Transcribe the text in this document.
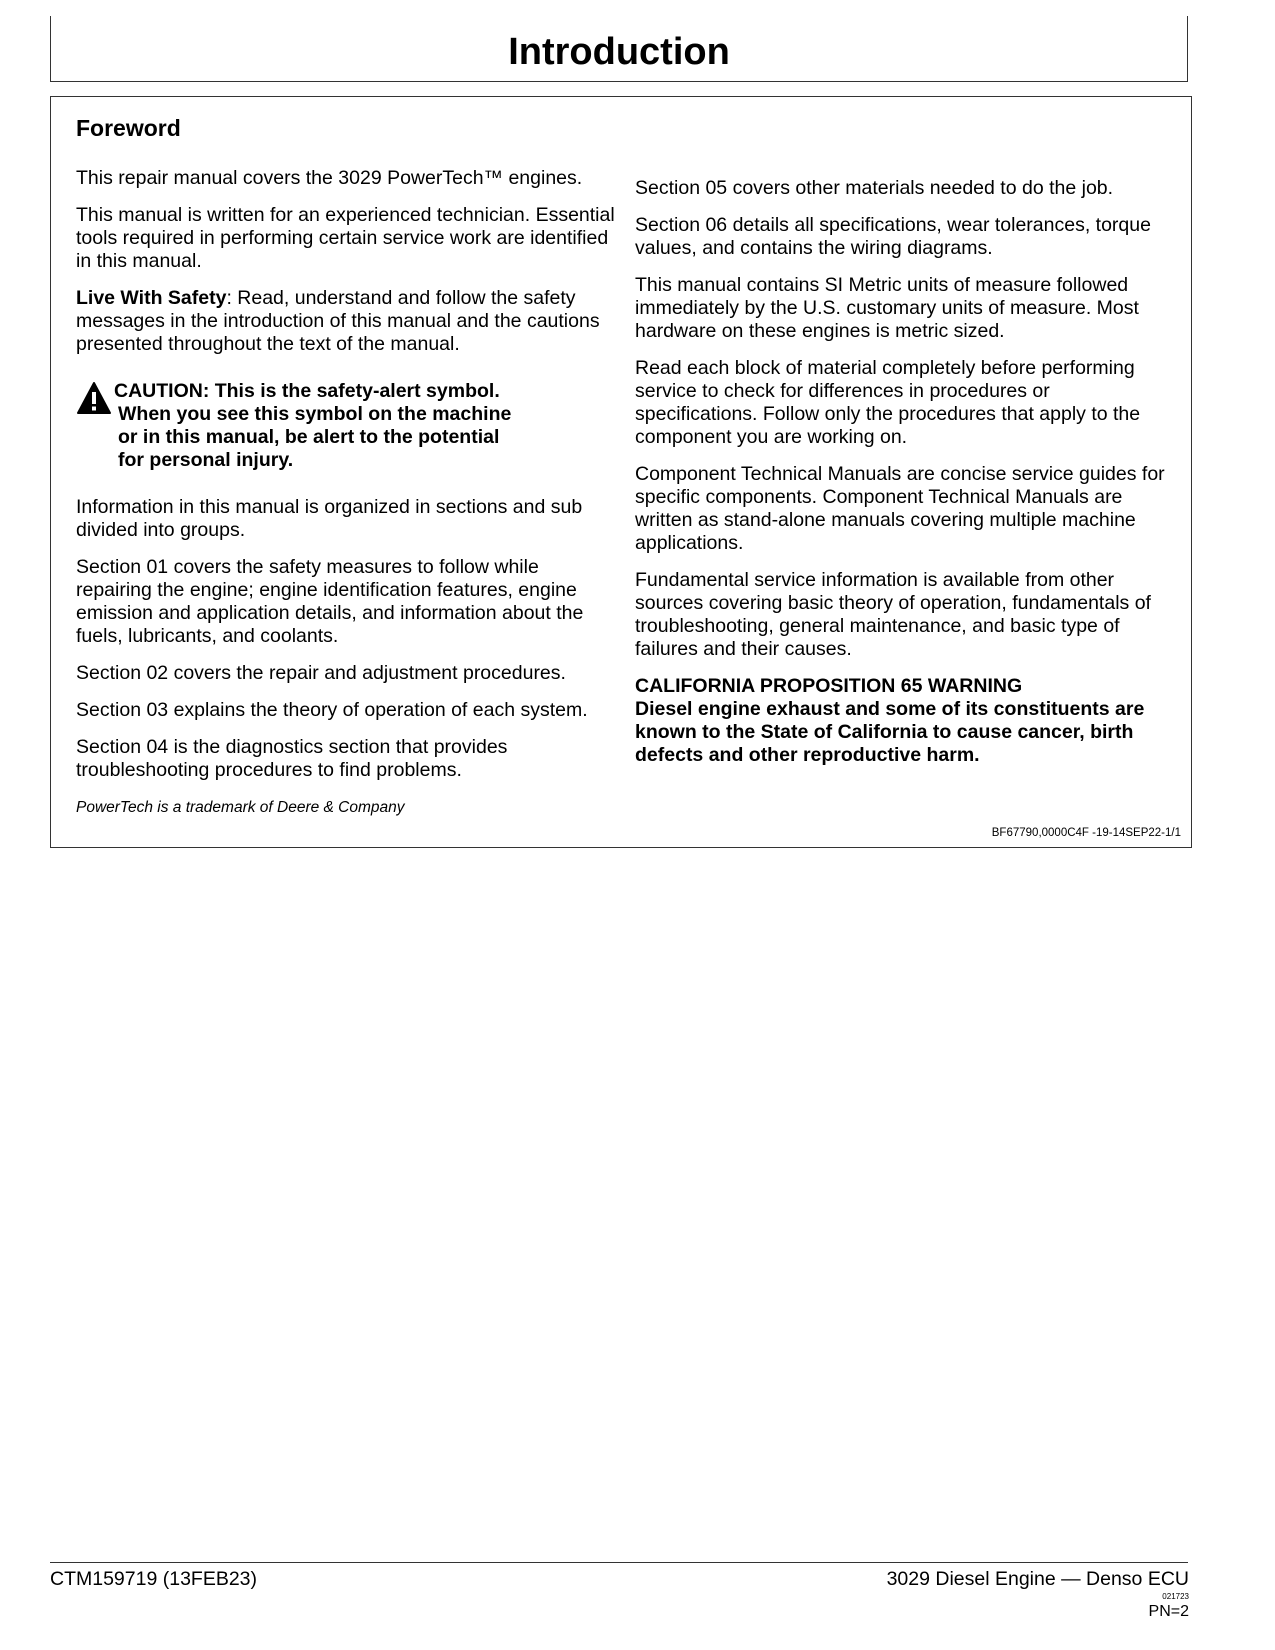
Introduction
Foreword

This repair manual covers the 3029 PowerTech™ engines.

This manual is written for an experienced technician. Essential tools required in performing certain service work are identified in this manual.

Live With Safety: Read, understand and follow the safety messages in the introduction of this manual and the cautions presented throughout the text of the manual.

CAUTION: This is the safety-alert symbol.
When you see this symbol on the machine
or in this manual, be alert to the potential
for personal injury.

Information in this manual is organized in sections and sub divided into groups.

Section 01 covers the safety measures to follow while repairing the engine; engine identification features, engine emission and application details, and information about the fuels, lubricants, and coolants.

Section 02 covers the repair and adjustment procedures.

Section 03 explains the theory of operation of each system.

Section 04 is the diagnostics section that provides troubleshooting procedures to find problems.

PowerTech is a trademark of Deere & Company

Section 05 covers other materials needed to do the job.

Section 06 details all specifications, wear tolerances, torque values, and contains the wiring diagrams.

This manual contains SI Metric units of measure followed immediately by the U.S. customary units of measure. Most hardware on these engines is metric sized.

Read each block of material completely before performing service to check for differences in procedures or specifications. Follow only the procedures that apply to the component you are working on.

Component Technical Manuals are concise service guides for specific components. Component Technical Manuals are written as stand-alone manuals covering multiple machine applications.

Fundamental service information is available from other sources covering basic theory of operation, fundamentals of troubleshooting, general maintenance, and basic type of failures and their causes.

CALIFORNIA PROPOSITION 65 WARNING
Diesel engine exhaust and some of its constituents are known to the State of California to cause cancer, birth defects and other reproductive harm.

BF67790,0000C4F -19-14SEP22-1/1
CTM159719 (13FEB23)	3029 Diesel Engine — Denso ECU
021723
PN=2
